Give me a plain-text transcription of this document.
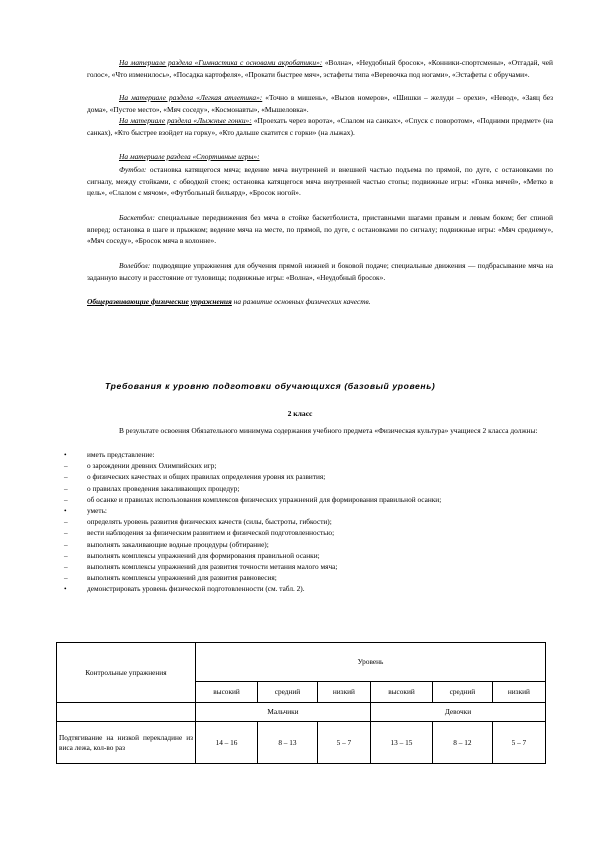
На материале раздела «Гимнастика с основами акробатики»: «Волна», «Неудобный бросок», «Конники-спортсмены», «Отгадай, чей голос», «Что изменилось», «Посадка картофеля», «Прокати быстрее мяч», эстафеты типа «Веревочка под ногами», «Эстафеты с обручами».

На материале раздела «Легкая атлетика»: «Точно в мишень», «Вызов номеров», «Шишки – желуди – орехи», «Невод», «Заяц без дома», «Пустое место», «Мяч соседу», «Космонавты», «Мышеловка».

На материале раздела «Лыжные гонки»: «Проехать через ворота», «Слалом на санках», «Спуск с поворотом», «Подними предмет» (на санках), «Кто быстрее взойдет на горку», «Кто дальше скатится с горки» (на лыжах).

На материале раздела «Спортивные игры»:

Футбол: остановка катящегося мяча; ведение мяча внутренней и внешней частью подъема по прямой, по дуге, с остановками по сигналу, между стойками, с обводкой стоек; остановка катящегося мяча внутренней частью стопы; подвижные игры: «Гонка мячей», «Метко в цель», «Слалом с мячом», «Футбольный бильярд», «Бросок ногой».

Баскетбол: специальные передвижения без мяча в стойке баскетболиста, приставными шагами правым и левым боком; бег спиной вперед; остановка в шаге и прыжком; ведение мяча на месте, по прямой, по дуге, с остановками по сигналу; подвижные игры: «Мяч среднему», «Мяч соседу», «Бросок мяча в колонне».

Волейбол: подводящие упражнения для обучения прямой нижней и боковой подаче; специальные движения — подбрасывание мяча на заданную высоту и расстояние от туловища; подвижные игры: «Волна», «Неудобный бросок».

Общеразвивающие физические упражнения на развитие основных физических качеств.

Требования к уровню подготовки обучающихся (базовый уровень)

2 класс

В результате освоения Обязательного минимума содержания учебного предмета «Физическая культура» учащиеся 2 класса должны:

•	иметь представление:
–	о зарождении древних Олимпийских игр;
–	о физических качествах и общих правилах определения уровня их развития;
–	о правилах проведения закаливающих процедур;
–	об осанке и правилах использования комплексов физических упражнений для формирования правильной осанки;
•	уметь:
–	определять уровень развития физических качеств (силы, быстроты, гибкости);
–	вести наблюдения за физическим развитием и физической подготовленностью;
–	выполнять закаливающие водные процедуры (обтирание);
–	выполнять комплексы упражнений для формирования правильной осанки;
–	выполнять комплексы упражнений для развития точности метания малого мяча;
–	выполнять комплексы упражнений для развития равновесия;
•	демонстрировать уровень физической подготовленности (см. табл. 2).
Контрольные упражнения	Уровень					
	высокий	средний	низкий	высокий	средний	низкий
	Мальчики			Девочки		
Подтягивание на низкой перекладине из виса лежа, кол-во раз	14 – 16	8 – 13	5 – 7	13 – 15	8 – 12	5 – 7
